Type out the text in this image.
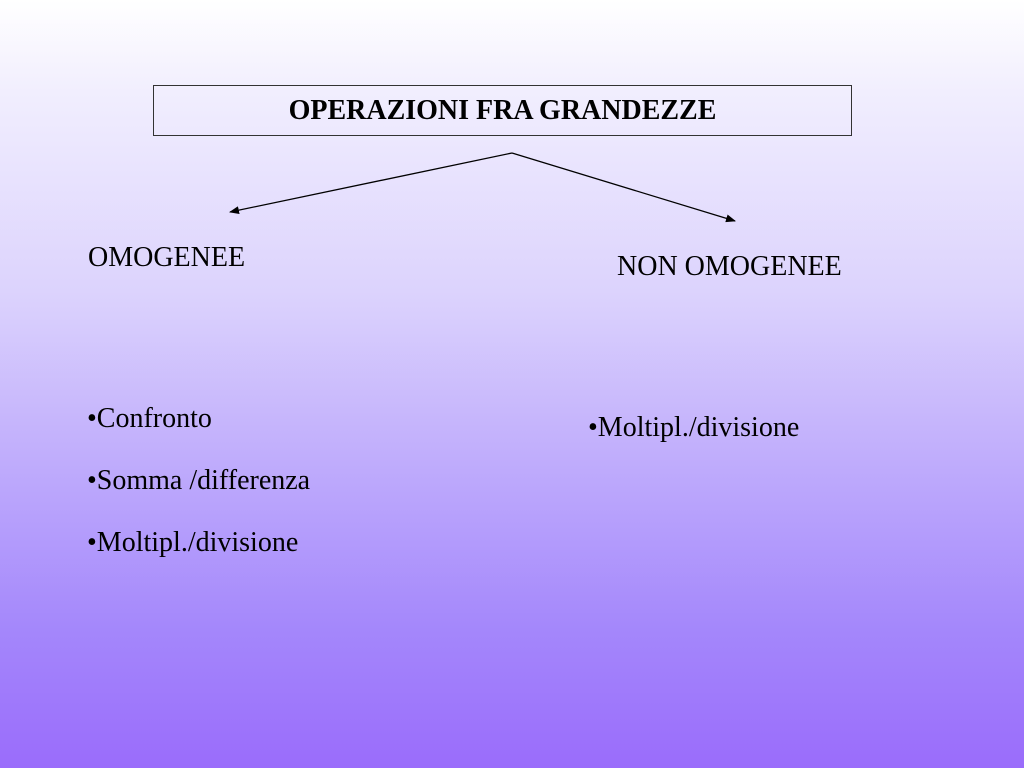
OPERAZIONI FRA GRANDEZZE
OMOGENEE	NON OMOGENEE
•Confronto
•Somma /differenza
•Moltipl./divisione
•Moltipl./divisione
